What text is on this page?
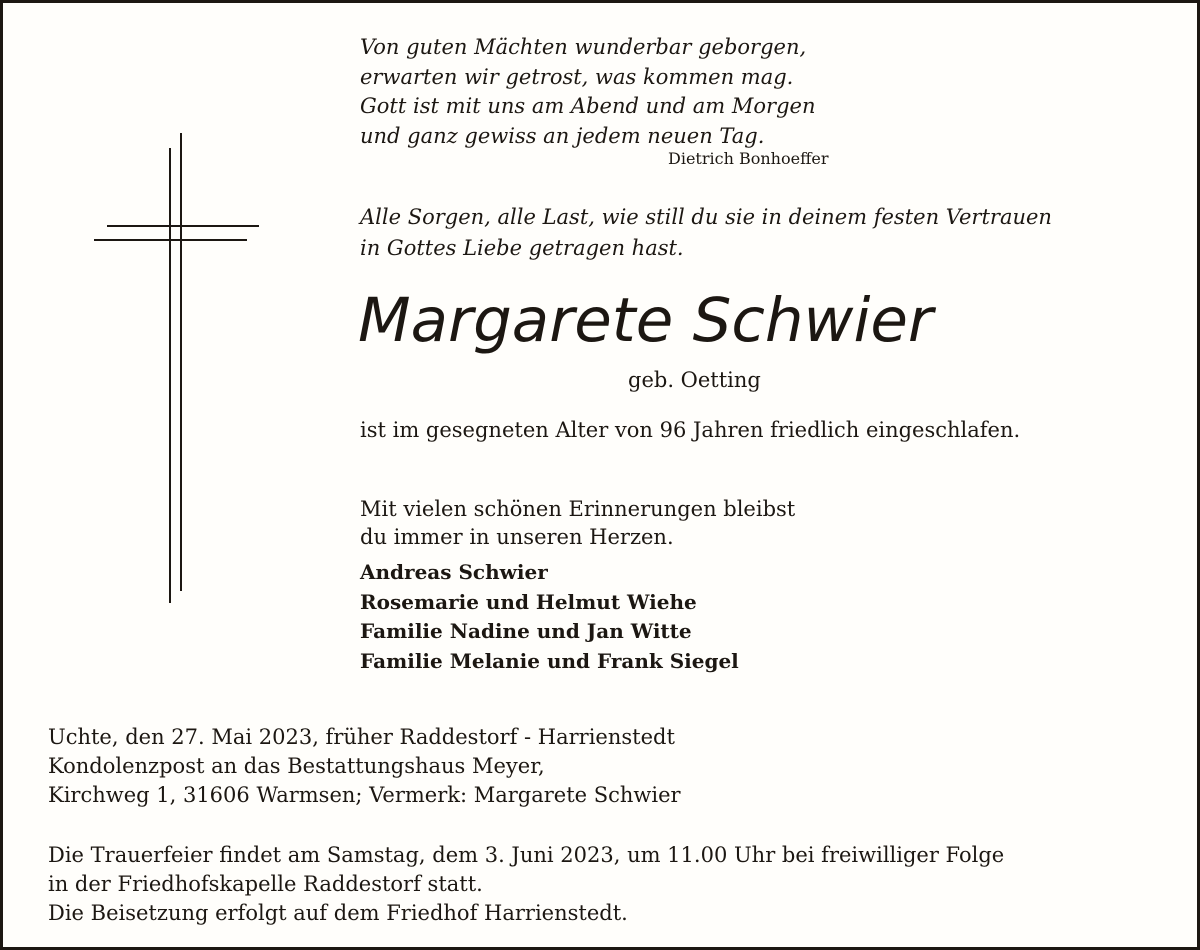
Von guten Mächten wunderbar geborgen,
erwarten wir getrost, was kommen mag.
Gott ist mit uns am Abend und am Morgen
und ganz gewiss an jedem neuen Tag.

Dietrich Bonhoeffer

Alle Sorgen, alle Last, wie still du sie in deinem festen Vertrauen
in Gottes Liebe getragen hast.

Margarete Schwier

geb. Oetting

ist im gesegneten Alter von 96 Jahren friedlich eingeschlafen.

Mit vielen schönen Erinnerungen bleibst
du immer in unseren Herzen.

Andreas Schwier
Rosemarie und Helmut Wiehe
Familie Nadine und Jan Witte
Familie Melanie und Frank Siegel

Uchte, den 27. Mai 2023, früher Raddestorf - Harrienstedt
Kondolenzpost an das Bestattungshaus Meyer,
Kirchweg 1, 31606 Warmsen; Vermerk: Margarete Schwier

Die Trauerfeier findet am Samstag, dem 3. Juni 2023, um 11.00 Uhr bei freiwilliger Folge
in der Friedhofskapelle Raddestorf statt.
Die Beisetzung erfolgt auf dem Friedhof Harrienstedt.
